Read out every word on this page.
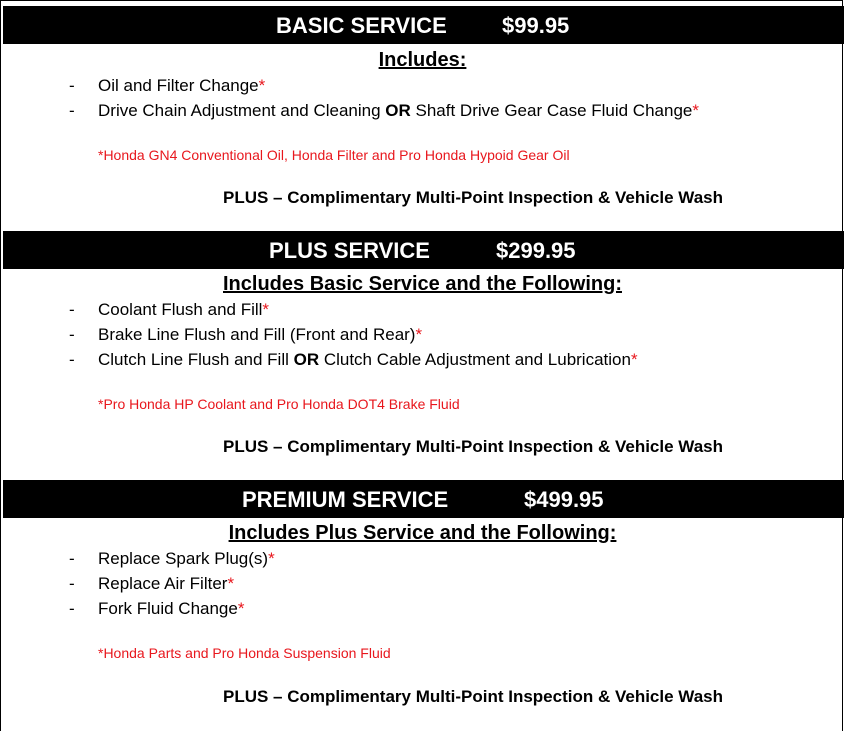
BASIC SERVICE	$99.95
Includes:
- Oil and Filter Change*
- Drive Chain Adjustment and Cleaning OR Shaft Drive Gear Case Fluid Change*
*Honda GN4 Conventional Oil, Honda Filter and Pro Honda Hypoid Gear Oil
PLUS – Complimentary Multi-Point Inspection & Vehicle Wash
PLUS SERVICE	$299.95
Includes Basic Service and the Following:
- Coolant Flush and Fill*
- Brake Line Flush and Fill (Front and Rear)*
- Clutch Line Flush and Fill OR Clutch Cable Adjustment and Lubrication*
*Pro Honda HP Coolant and Pro Honda DOT4 Brake Fluid
PLUS – Complimentary Multi-Point Inspection & Vehicle Wash
PREMIUM SERVICE	$499.95
Includes Plus Service and the Following:
- Replace Spark Plug(s)*
- Replace Air Filter*
- Fork Fluid Change*
*Honda Parts and Pro Honda Suspension Fluid
PLUS – Complimentary Multi-Point Inspection & Vehicle Wash
